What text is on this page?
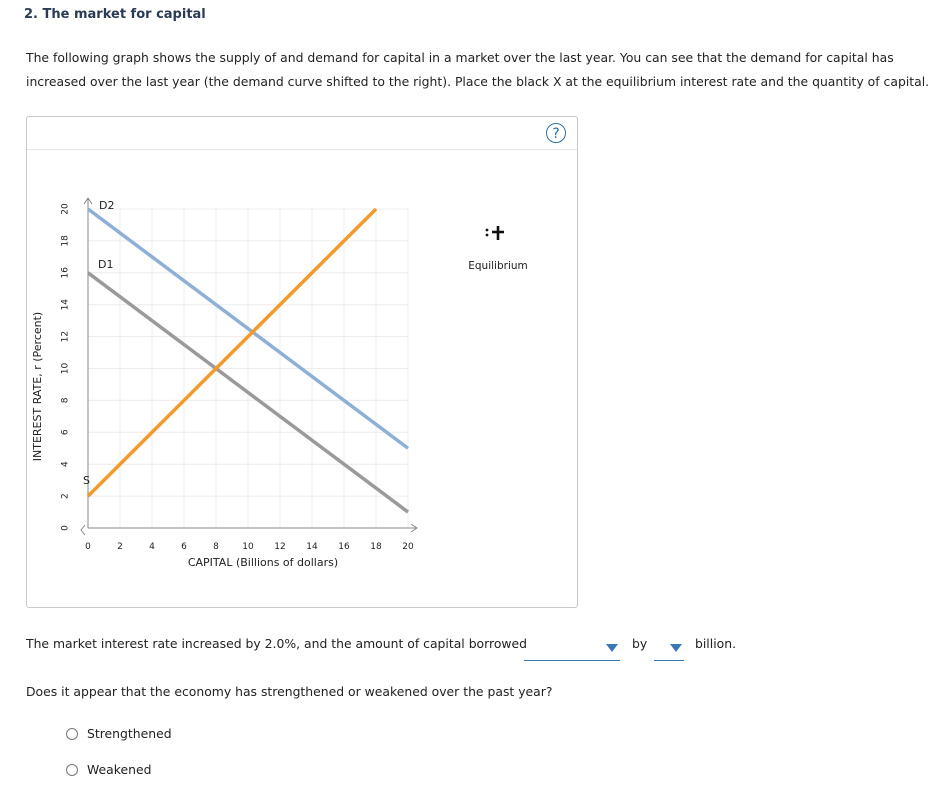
2. The market for capital
The following graph shows the supply of and demand for capital in a market over the last year. You can see that the demand for capital has increased over the last year (the demand curve shifted to the right). Place the black X at the equilibrium interest rate and the quantity of capital.
?
0	2	4	6	8	10 12 14 16 18 20
0
2
4
6
8
10
12
14
16
18
20
CAPITAL (Billions of dollars)
INTEREST RATE, r (Percent)
D2
D1
S
Equilibrium
The market interest rate increased by 2.0%, and the amount of capital borrowed	by	billion.
Does it appear that the economy has strengthened or weakened over the past year?
Strengthened
Weakened
